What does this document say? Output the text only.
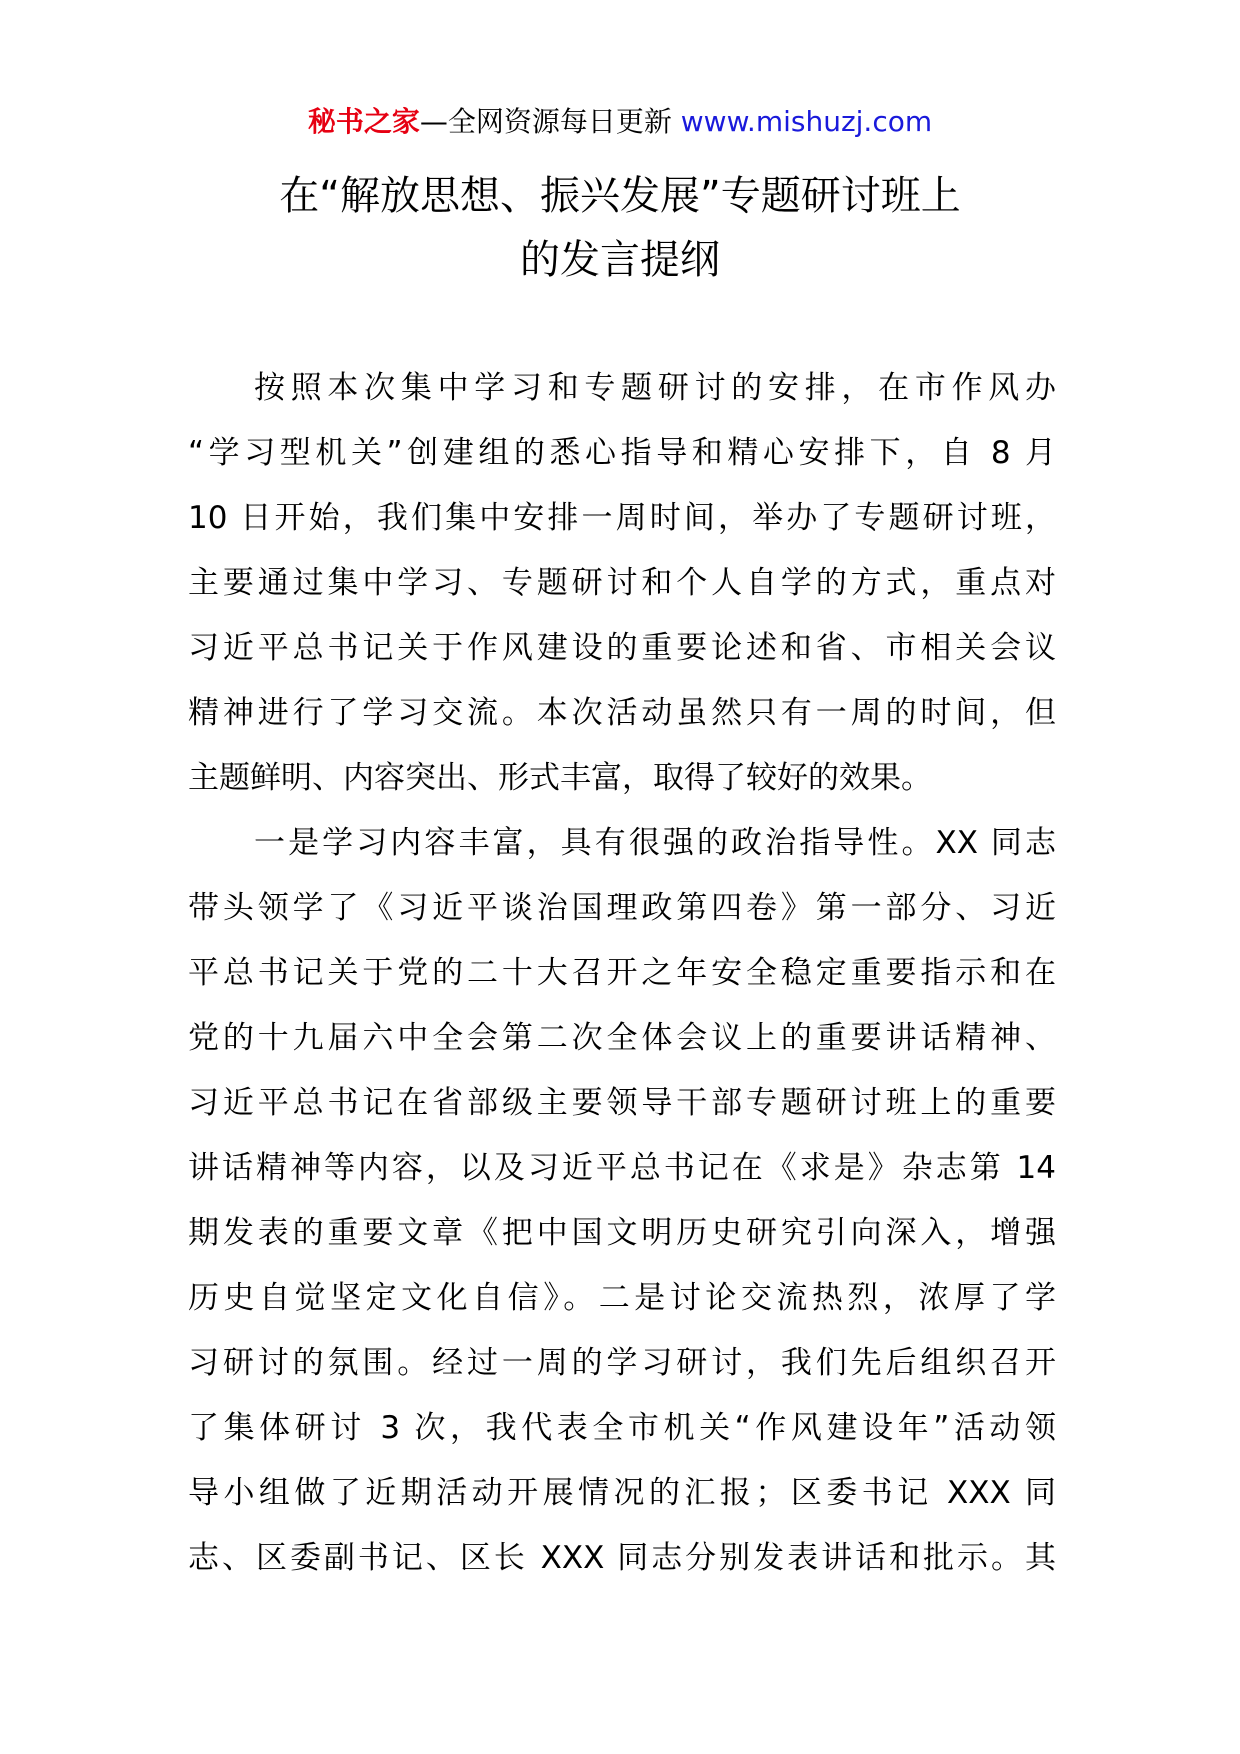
秘书之家—全网资源每日更新 www.mishuzj.com
在“解放思想、振兴发展”专题研讨班上
的发言提纲
按照本次集中学习和专题研讨的安排，在市作风办
“学习型机关”创建组的悉心指导和精心安排下，自 8 月
10 日开始，我们集中安排一周时间，举办了专题研讨班，
主要通过集中学习、专题研讨和个人自学的方式，重点对
习近平总书记关于作风建设的重要论述和省、市相关会议
精神进行了学习交流。本次活动虽然只有一周的时间，但
主题鲜明、内容突出、形式丰富，取得了较好的效果。
一是学习内容丰富，具有很强的政治指导性。XX 同志
带头领学了《习近平谈治国理政第四卷》第一部分、习近
平总书记关于党的二十大召开之年安全稳定重要指示和在
党的十九届六中全会第二次全体会议上的重要讲话精神、
习近平总书记在省部级主要领导干部专题研讨班上的重要
讲话精神等内容，以及习近平总书记在《求是》杂志第 14
期发表的重要文章《把中国文明历史研究引向深入，增强
历史自觉坚定文化自信》。二是讨论交流热烈，浓厚了学
习研讨的氛围。经过一周的学习研讨，我们先后组织召开
了集体研讨 3 次，我代表全市机关“作风建设年”活动领
导小组做了近期活动开展情况的汇报；区委书记 XXX 同
志、区委副书记、区长 XXX 同志分别发表讲话和批示。其
